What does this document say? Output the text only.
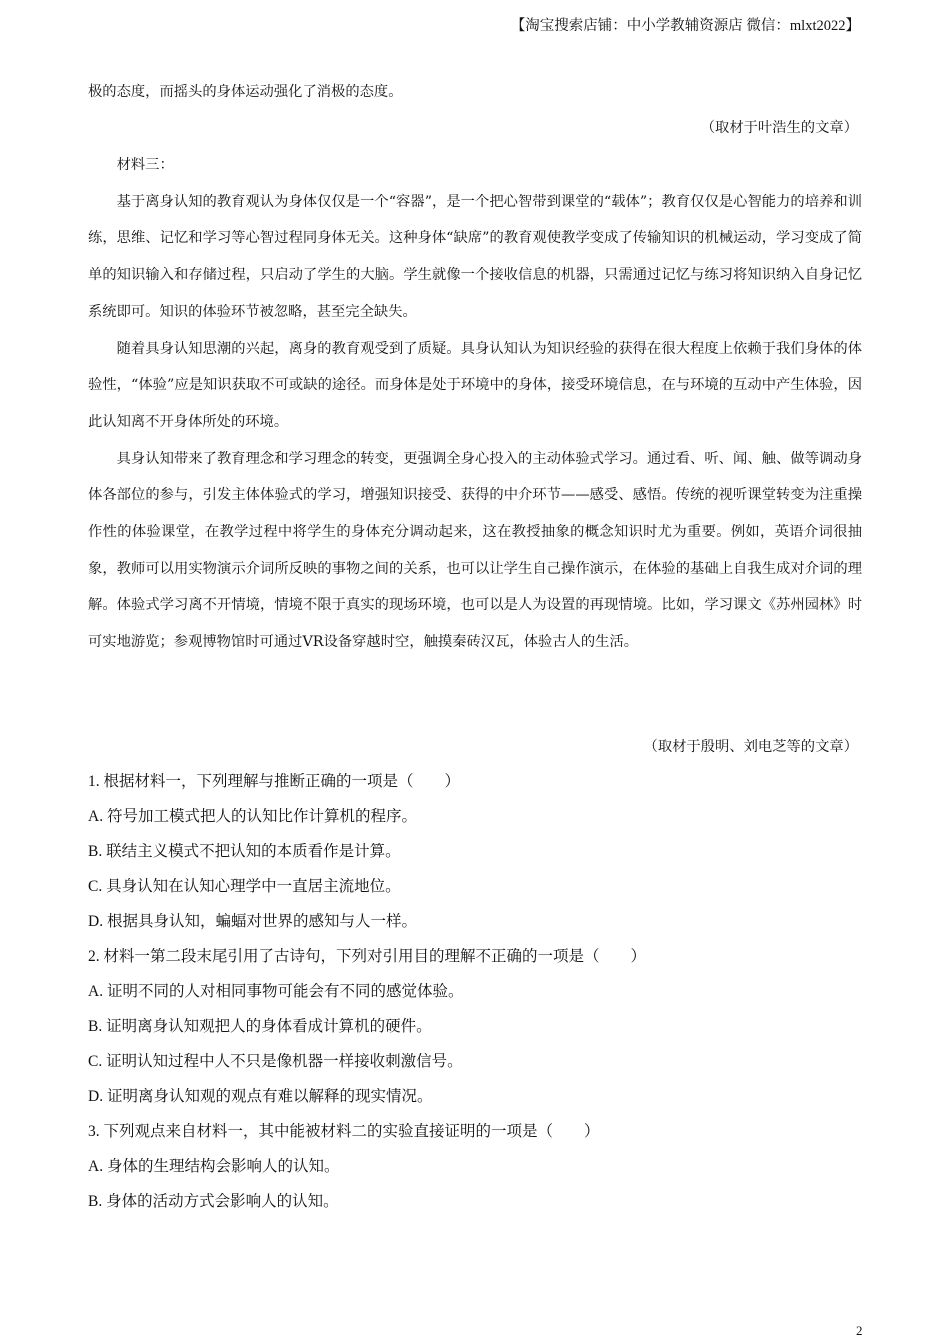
【淘宝搜索店铺：中小学教辅资源店 微信：mlxt2022】

极的态度，而摇头的身体运动强化了消极的态度。

（取材于叶浩生的文章）

材料三：

基于离身认知的教育观认为身体仅仅是一个“容器”，是一个把心智带到课堂的“载体”；教育仅仅是心智能力的培养和训练，思维、记忆和学习等心智过程同身体无关。这种身体“缺席”的教育观使教学变成了传输知识的机械运动，学习变成了简单的知识输入和存储过程，只启动了学生的大脑。学生就像一个接收信息的机器，只需通过记忆与练习将知识纳入自身记忆系统即可。知识的体验环节被忽略，甚至完全缺失。

随着具身认知思潮的兴起，离身的教育观受到了质疑。具身认知认为知识经验的获得在很大程度上依赖于我们身体的体验性，“体验”应是知识获取不可或缺的途径。而身体是处于环境中的身体，接受环境信息，在与环境的互动中产生体验，因此认知离不开身体所处的环境。

具身认知带来了教育理念和学习理念的转变，更强调全身心投入的主动体验式学习。通过看、听、闻、触、做等调动身体各部位的参与，引发主体体验式的学习，增强知识接受、获得的中介环节——感受、感悟。传统的视听课堂转变为注重操作性的体验课堂，在教学过程中将学生的身体充分调动起来，这在教授抽象的概念知识时尤为重要。例如，英语介词很抽象，教师可以用实物演示介词所反映的事物之间的关系，也可以让学生自己操作演示，在体验的基础上自我生成对介词的理解。体验式学习离不开情境，情境不限于真实的现场环境，也可以是人为设置的再现情境。比如，学习课文《苏州园林》时可实地游览；参观博物馆时可通过VR设备穿越时空，触摸秦砖汉瓦，体验古人的生活。

（取材于殷明、刘电芝等的文章）
1. 根据材料一，下列理解与推断正确的一项是（　　）
A. 符号加工模式把人的认知比作计算机的程序。
B. 联结主义模式不把认知的本质看作是计算。
C. 具身认知在认知心理学中一直居主流地位。
D. 根据具身认知，蝙蝠对世界的感知与人一样。
2. 材料一第二段末尾引用了古诗句，下列对引用目的理解不正确的一项是（　　）
A. 证明不同的人对相同事物可能会有不同的感觉体验。
B. 证明离身认知观把人的身体看成计算机的硬件。
C. 证明认知过程中人不只是像机器一样接收刺激信号。
D. 证明离身认知观的观点有难以解释的现实情况。
3. 下列观点来自材料一，其中能被材料二的实验直接证明的一项是（　　）
A. 身体的生理结构会影响人的认知。
B. 身体的活动方式会影响人的认知。
2
